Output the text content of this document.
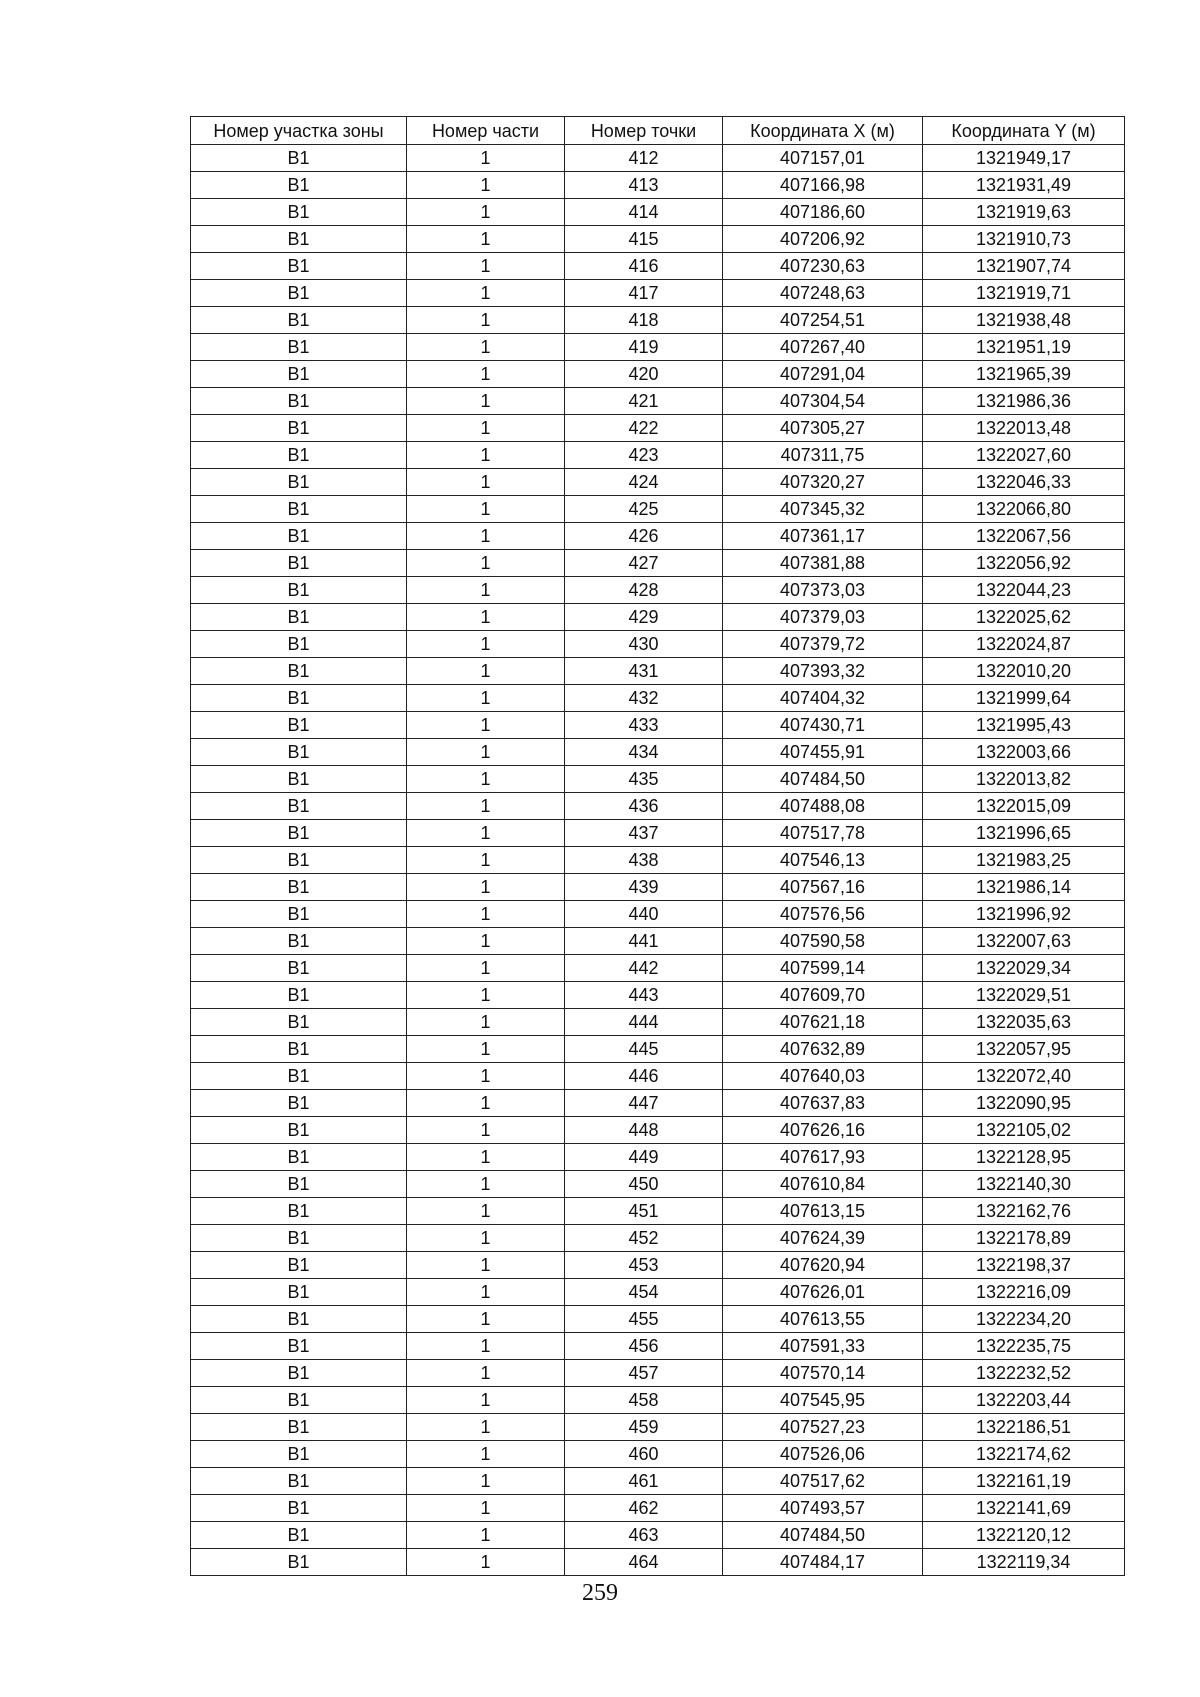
Номер участка зоны	Номер части	Номер точки	Координата X (м)	Координата Y (м)
В1	1	412	407157,01	1321949,17
В1	1	413	407166,98	1321931,49
В1	1	414	407186,60	1321919,63
В1	1	415	407206,92	1321910,73
В1	1	416	407230,63	1321907,74
В1	1	417	407248,63	1321919,71
В1	1	418	407254,51	1321938,48
В1	1	419	407267,40	1321951,19
В1	1	420	407291,04	1321965,39
В1	1	421	407304,54	1321986,36
В1	1	422	407305,27	1322013,48
В1	1	423	407311,75	1322027,60
В1	1	424	407320,27	1322046,33
В1	1	425	407345,32	1322066,80
В1	1	426	407361,17	1322067,56
В1	1	427	407381,88	1322056,92
В1	1	428	407373,03	1322044,23
В1	1	429	407379,03	1322025,62
В1	1	430	407379,72	1322024,87
В1	1	431	407393,32	1322010,20
В1	1	432	407404,32	1321999,64
В1	1	433	407430,71	1321995,43
В1	1	434	407455,91	1322003,66
В1	1	435	407484,50	1322013,82
В1	1	436	407488,08	1322015,09
В1	1	437	407517,78	1321996,65
В1	1	438	407546,13	1321983,25
В1	1	439	407567,16	1321986,14
В1	1	440	407576,56	1321996,92
В1	1	441	407590,58	1322007,63
В1	1	442	407599,14	1322029,34
В1	1	443	407609,70	1322029,51
В1	1	444	407621,18	1322035,63
В1	1	445	407632,89	1322057,95
В1	1	446	407640,03	1322072,40
В1	1	447	407637,83	1322090,95
В1	1	448	407626,16	1322105,02
В1	1	449	407617,93	1322128,95
В1	1	450	407610,84	1322140,30
В1	1	451	407613,15	1322162,76
В1	1	452	407624,39	1322178,89
В1	1	453	407620,94	1322198,37
В1	1	454	407626,01	1322216,09
В1	1	455	407613,55	1322234,20
В1	1	456	407591,33	1322235,75
В1	1	457	407570,14	1322232,52
В1	1	458	407545,95	1322203,44
В1	1	459	407527,23	1322186,51
В1	1	460	407526,06	1322174,62
В1	1	461	407517,62	1322161,19
В1	1	462	407493,57	1322141,69
В1	1	463	407484,50	1322120,12
В1	1	464	407484,17	1322119,34
259
